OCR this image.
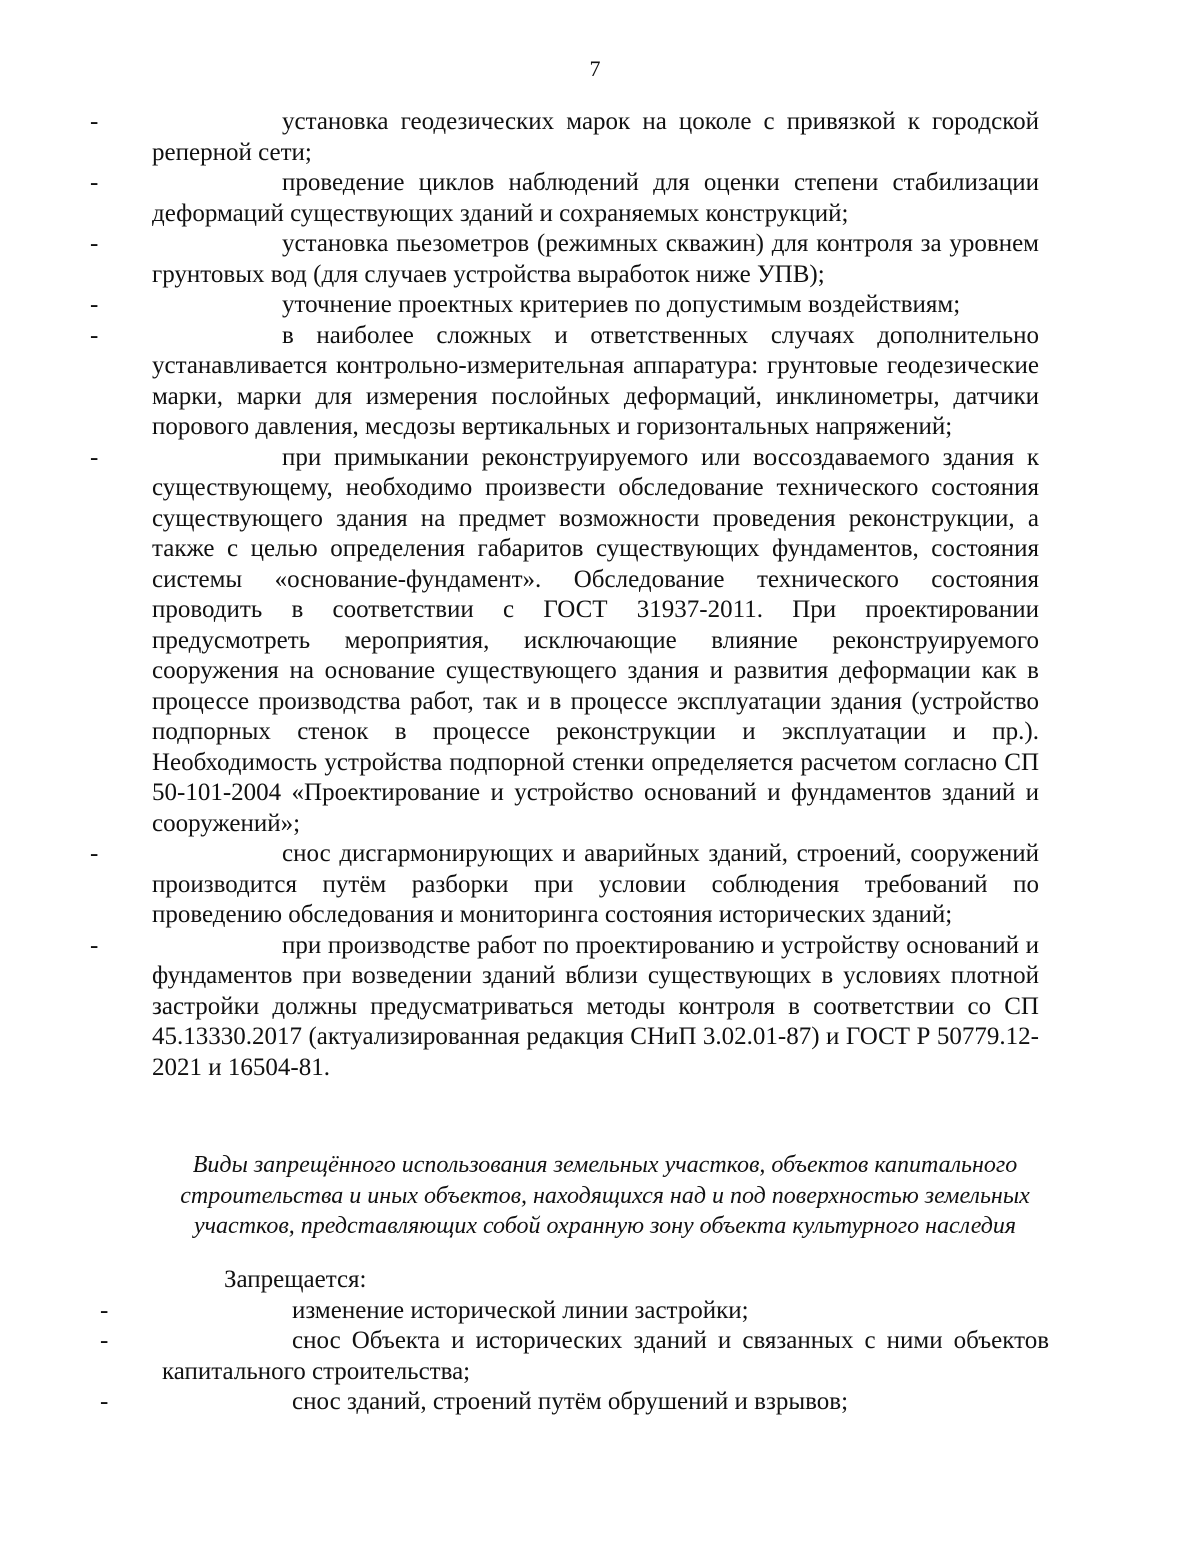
7

-	установка геодезических марок на цоколе с привязкой к городской реперной сети;

-	проведение циклов наблюдений для оценки степени стабилизации деформаций существующих зданий и сохраняемых конструкций;

-	установка пьезометров (режимных скважин) для контроля за уровнем грунтовых вод (для случаев устройства выработок ниже УПВ);

-	уточнение проектных критериев по допустимым воздействиям;

-	в наиболее сложных и ответственных случаях дополнительно устанавливается контрольно-измерительная аппаратура: грунтовые геодезические марки, марки для измерения послойных деформаций, инклинометры, датчики порового давления, месдозы вертикальных и горизонтальных напряжений;

-	при примыкании реконструируемого или воссоздаваемого здания к существующему, необходимо произвести обследование технического состояния существующего здания на предмет возможности проведения реконструкции, а также с целью определения габаритов существующих фундаментов, состояния системы «основание-фундамент». Обследование технического состояния проводить в соответствии с ГОСТ 31937-2011. При проектировании предусмотреть мероприятия, исключающие влияние реконструируемого сооружения на основание существующего здания и развития деформации как в процессе производства работ, так и в процессе эксплуатации здания (устройство подпорных стенок в процессе реконструкции и эксплуатации и пр.). Необходимость устройства подпорной стенки определяется расчетом согласно СП 50-101-2004 «Проектирование и устройство оснований и фундаментов зданий и сооружений»;

-	снос дисгармонирующих и аварийных зданий, строений, сооружений производится путём разборки при условии соблюдения требований по проведению обследования и мониторинга состояния исторических зданий;

-	при производстве работ по проектированию и устройству оснований и фундаментов при возведении зданий вблизи существующих в условиях плотной застройки должны предусматриваться методы контроля в соответствии со СП 45.13330.2017 (актуализированная редакция СНиП 3.02.01-87) и ГОСТ Р 50779.12-2021 и 16504-81.

Виды запрещённого использования земельных участков, объектов капитального строительства и иных объектов, находящихся над и под поверхностью земельных участков, представляющих собой охранную зону объекта культурного наследия

Запрещается:

-	изменение исторической линии застройки;

-	снос Объекта и исторических зданий и связанных с ними объектов капитального строительства;

-	снос зданий, строений путём обрушений и взрывов;
